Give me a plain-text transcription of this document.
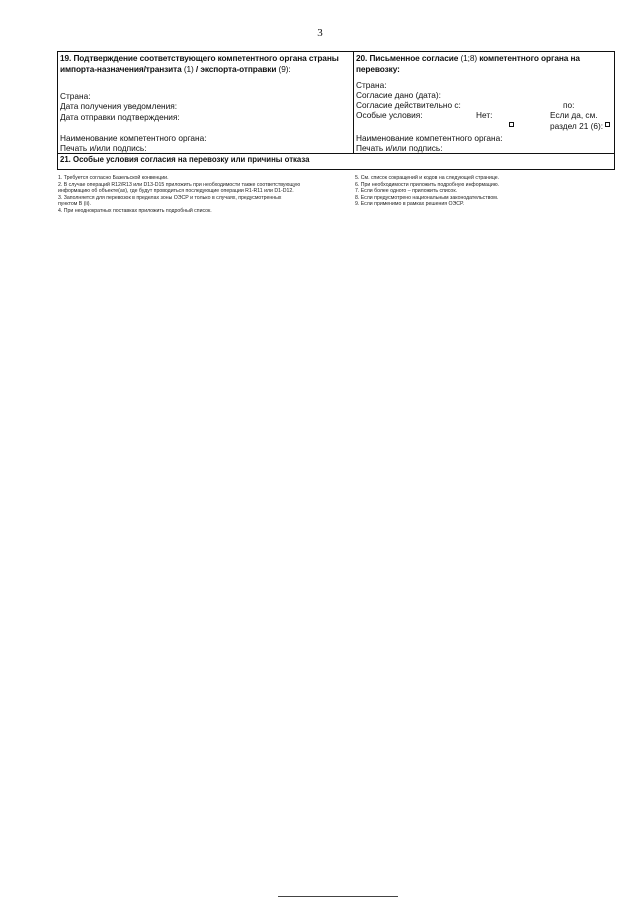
3
19. Подтверждение соответствующего компетентного органа страны импорта-назначения/транзита (1) / экспорта-отправки (9):
Страна:
Дата получения уведомления:
Дата отправки подтверждения:
Наименование компетентного органа:
Печать и/или подпись:
20. Письменное согласие (1;8) компетентного органа на перевозку:
Страна:
Согласие дано (дата):
Согласие действительно с:	по:
Особые условия:	Нет:	Если да, см.
раздел 21 (6):
Наименование компетентного органа:
Печать и/или подпись:
21. Особые условия согласия на перевозку или причины отказа

1. Требуется согласно Базельской конвенции.

2. В случае операций R12/R13 или D13-D15 приложить при необходимости также соответствующую

информацию об объекте(ах), где будут проводиться последующие операции R1-R11 или D1-D12.

3. Заполняется для перевозок в пределах зоны ОЭСР и только в случаях, предусмотренных

пунктом B (ii).

4. При неоднократных поставках приложить подробный список.

5. См. список сокращений и кодов на следующей странице.

6. При необходимости приложить подробную информацию.

7. Если более одного – приложить список.

8. Если предусмотрено национальным законодательством.

9. Если применимо в рамках решения ОЭСР.
